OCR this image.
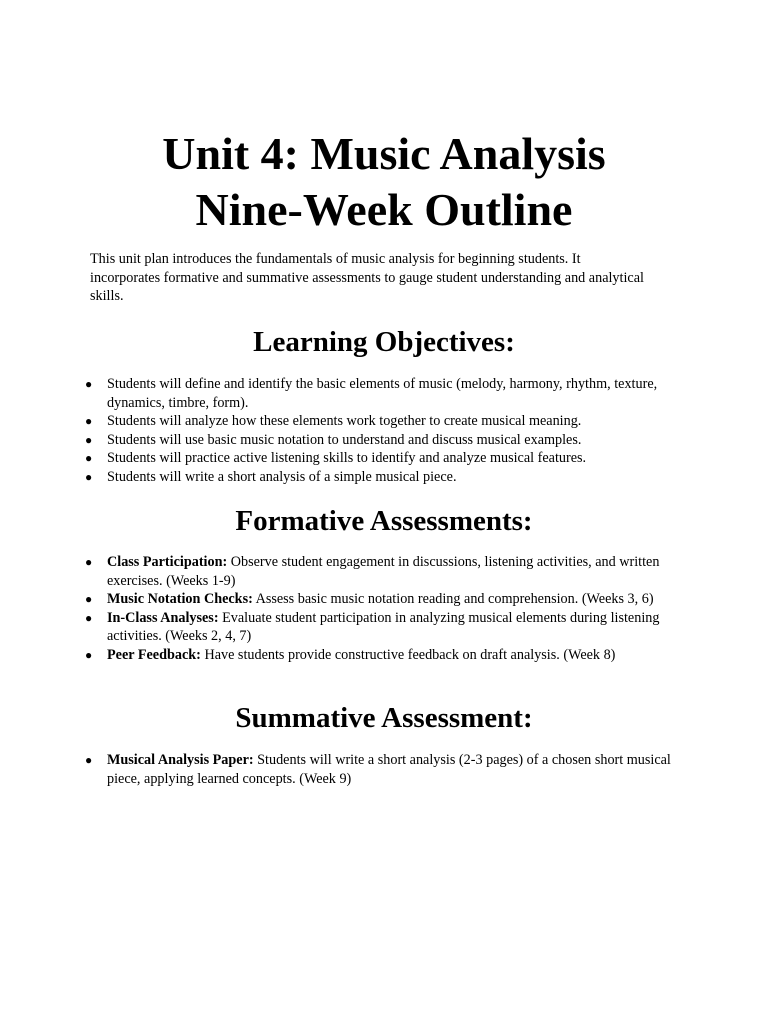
Unit 4: Music Analysis
Nine-Week Outline

This unit plan introduces the fundamentals of music analysis for beginning students. It incorporates formative and summative assessments to gauge student understanding and analytical skills.

Learning Objectives:
● Students will define and identify the basic elements of music (melody, harmony, rhythm, texture, dynamics, timbre, form).
● Students will analyze how these elements work together to create musical meaning.
● Students will use basic music notation to understand and discuss musical examples.
● Students will practice active listening skills to identify and analyze musical features.
● Students will write a short analysis of a simple musical piece.
Formative Assessments:
● Class Participation: Observe student engagement in discussions, listening activities, and written exercises. (Weeks 1-9)
● Music Notation Checks: Assess basic music notation reading and comprehension. (Weeks 3, 6)
● In-Class Analyses: Evaluate student participation in analyzing musical elements during listening activities. (Weeks 2, 4, 7)
● Peer Feedback: Have students provide constructive feedback on draft analysis. (Week 8)
Summative Assessment:
● Musical Analysis Paper: Students will write a short analysis (2-3 pages) of a chosen short musical piece, applying learned concepts. (Week 9)
